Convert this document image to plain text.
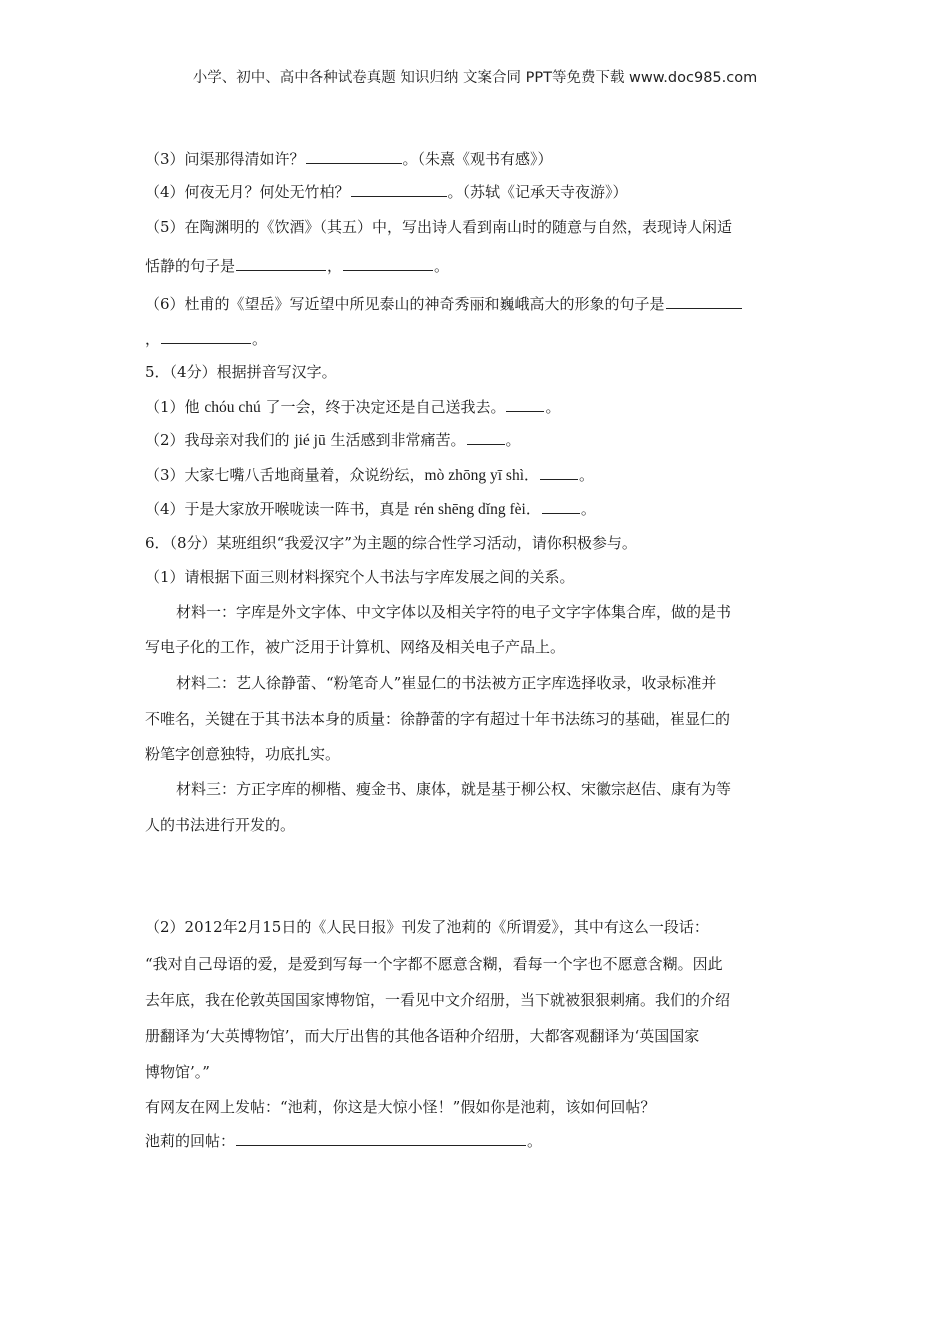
小学、初中、高中各种试卷真题 知识归纳 文案合同 PPT等免费下载 www.doc985.com
（3）问渠那得清如许？	。（朱熹《观书有感》）
（4）何夜无月？何处无竹柏？	。（苏轼《记承天寺夜游》）
（5）在陶渊明的《饮酒》（其五）中，写出诗人看到南山时的随意与自然，表现诗人闲适
恬静的句子是	，	。
（6）杜甫的《望岳》写近望中所见泰山的神奇秀丽和巍峨高大的形象的句子是
，	。
5．（4分）根据拼音写汉字。
（1）他 chóu chú 了一会，终于决定还是自己送我去。	。
（2）我母亲对我们的 jié jū 生活感到非常痛苦。	。
（3）大家七嘴八舌地商量着，众说纷纭，mò zhōng yī shì．	。
（4）于是大家放开喉咙读一阵书，真是 rén shēng dǐng fèi．	。
6．（8分）某班组织“我爱汉字”为主题的综合性学习活动，请你积极参与。
（1）请根据下面三则材料探究个人书法与字库发展之间的关系。
材料一：字库是外文字体、中文字体以及相关字符的电子文字字体集合库，做的是书
写电子化的工作，被广泛用于计算机、网络及相关电子产品上。
材料二：艺人徐静蕾、“粉笔奇人”崔显仁的书法被方正字库选择收录，收录标准并
不唯名，关键在于其书法本身的质量：徐静蕾的字有超过十年书法练习的基础，崔显仁的
粉笔字创意独特，功底扎实。
材料三：方正字库的柳楷、瘦金书、康体，就是基于柳公权、宋徽宗赵佶、康有为等
人的书法进行开发的。
（2）2012年2月15日的《人民日报》刊发了池莉的《所谓爱》，其中有这么一段话：
“我对自己母语的爱，是爱到写每一个字都不愿意含糊，看每一个字也不愿意含糊。因此
去年底，我在伦敦英国国家博物馆，一看见中文介绍册，当下就被狠狠刺痛。我们的介绍
册翻译为‘大英博物馆’，而大厅出售的其他各语种介绍册，大都客观翻译为‘英国国家
博物馆’。”
有网友在网上发帖：“池莉，你这是大惊小怪！”假如你是池莉，该如何回帖？
池莉的回帖：	。
